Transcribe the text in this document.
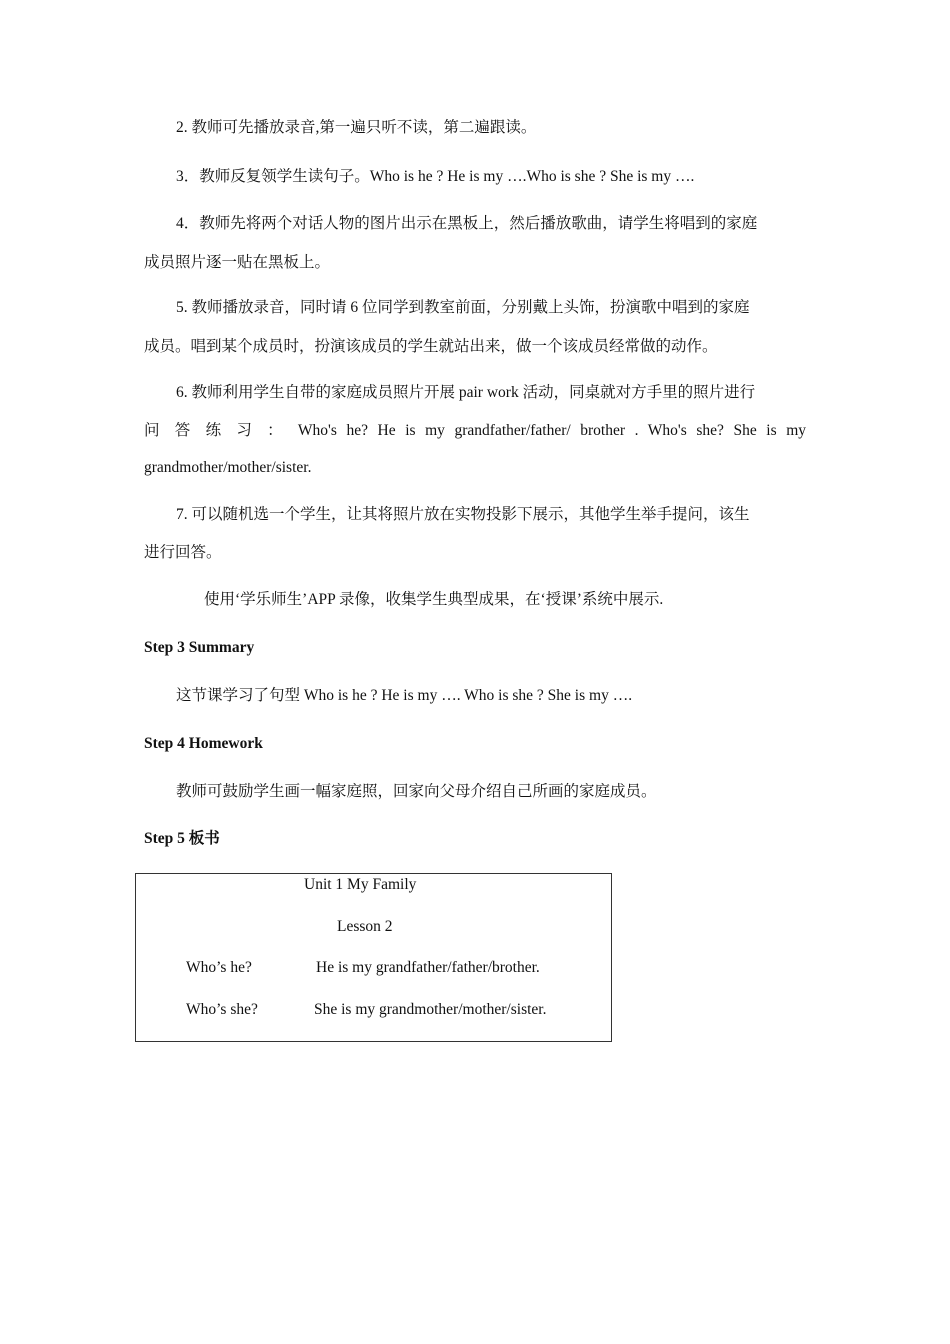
2. 教师可先播放录音,第一遍只听不读，第二遍跟读。
3．教师反复领学生读句子。Who is he ? He is my ….Who is she ? She is my ….
4．教师先将两个对话人物的图片出示在黑板上，然后播放歌曲，请学生将唱到的家庭
成员照片逐一贴在黑板上。
5. 教师播放录音，同时请 6 位同学到教室前面，分别戴上头饰，扮演歌中唱到的家庭
成员。唱到某个成员时，扮演该成员的学生就站出来，做一个该成员经常做的动作。
6. 教师利用学生自带的家庭成员照片开展 pair work 活动，同桌就对方手里的照片进行
问 答 练 习 ： Who's he? He is my grandfather/father/ brother . Who's she? She is my
grandmother/mother/sister.
7. 可以随机选一个学生，让其将照片放在实物投影下展示，其他学生举手提问，该生
进行回答。
使用‘学乐师生’APP 录像，收集学生典型成果，在‘授课’系统中展示.
Step 3 Summary
这节课学习了句型 Who is he ? He is my …. Who is she ? She is my ….
Step 4 Homework
教师可鼓励学生画一幅家庭照，回家向父母介绍自己所画的家庭成员。
Step 5 板书
Unit 1 My Family
Lesson 2
Who’s he?	He is my grandfather/father/brother.
Who’s she?	She is my grandmother/mother/sister.
